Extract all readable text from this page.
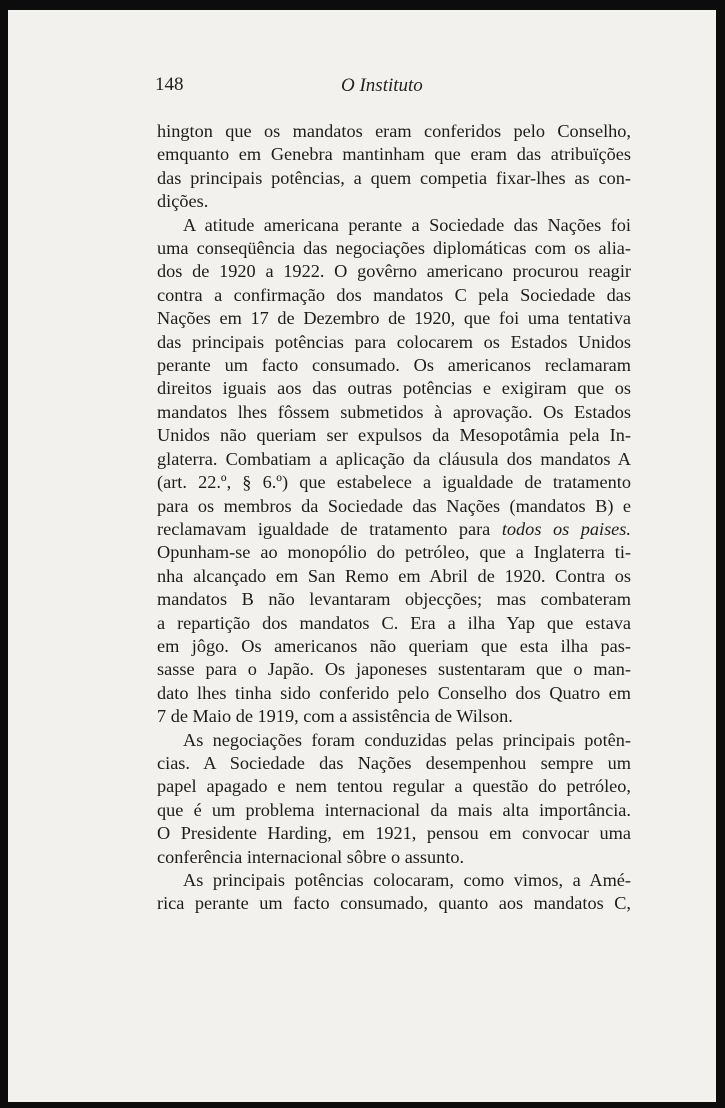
148	O Instituto
hington que os mandatos eram conferidos pelo Conselho,
emquanto em Genebra mantinham que eram das atribuïções
das principais potências, a quem competia fixar-lhes as con-
dições.
A atitude americana perante a Sociedade das Nações foi
uma conseqüência das negociações diplomáticas com os alia-
dos de 1920 a 1922. O govêrno americano procurou reagir
contra a confirmação dos mandatos C pela Sociedade das
Nações em 17 de Dezembro de 1920, que foi uma tentativa
das principais potências para colocarem os Estados Unidos
perante um facto consumado. Os americanos reclamaram
direitos iguais aos das outras potências e exigiram que os
mandatos lhes fôssem submetidos à aprovação. Os Estados
Unidos não queriam ser expulsos da Mesopotâmia pela In-
glaterra. Combatiam a aplicação da cláusula dos mandatos A
(art. 22.º, § 6.º) que estabelece a igualdade de tratamento
para os membros da Sociedade das Nações (mandatos B) e
reclamavam igualdade de tratamento para todos os paises.
Opunham-se ao monopólio do petróleo, que a Inglaterra ti-
nha alcançado em San Remo em Abril de 1920. Contra os
mandatos B não levantaram objecções; mas combateram
a repartição dos mandatos C. Era a ilha Yap que estava
em jôgo. Os americanos não queriam que esta ilha pas-
sasse para o Japão. Os japoneses sustentaram que o man-
dato lhes tinha sido conferido pelo Conselho dos Quatro em
7 de Maio de 1919, com a assistência de Wilson.
As negociações foram conduzidas pelas principais potên-
cias. A Sociedade das Nações desempenhou sempre um
papel apagado e nem tentou regular a questão do petróleo,
que é um problema internacional da mais alta importância.
O Presidente Harding, em 1921, pensou em convocar uma
conferência internacional sôbre o assunto.
As principais potências colocaram, como vimos, a Amé-
rica perante um facto consumado, quanto aos mandatos C,
